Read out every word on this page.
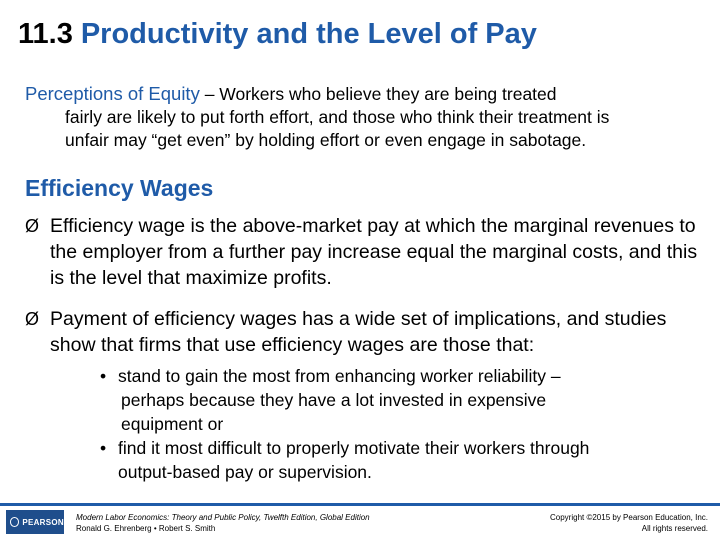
11.3 Productivity and the Level of Pay
Perceptions of Equity – Workers who believe they are being treated
fairly are likely to put forth effort, and those who think their treatment is
unfair may “get even” by holding effort or even engage in sabotage.
Efficiency Wages
Ø Efficiency wage is the above-market pay at which the marginal revenues to the employer from a further pay increase equal the marginal costs, and this is the level that maximize profits.
Ø Payment of efficiency wages has a wide set of implications, and studies show that firms that use efficiency wages are those that:
• stand to gain the most from enhancing worker reliability –
perhaps because they have a lot invested in expensive
equipment or
• find it most difficult to properly motivate their workers through
output-based pay or supervision.
PEARSON Modern Labor Economics: Theory and Public Policy, Twelfth Edition, Global Edition
Ronald G. Ehrenberg • Robert S. Smith
Copyright ©2015 by Pearson Education, Inc.
All rights reserved.
